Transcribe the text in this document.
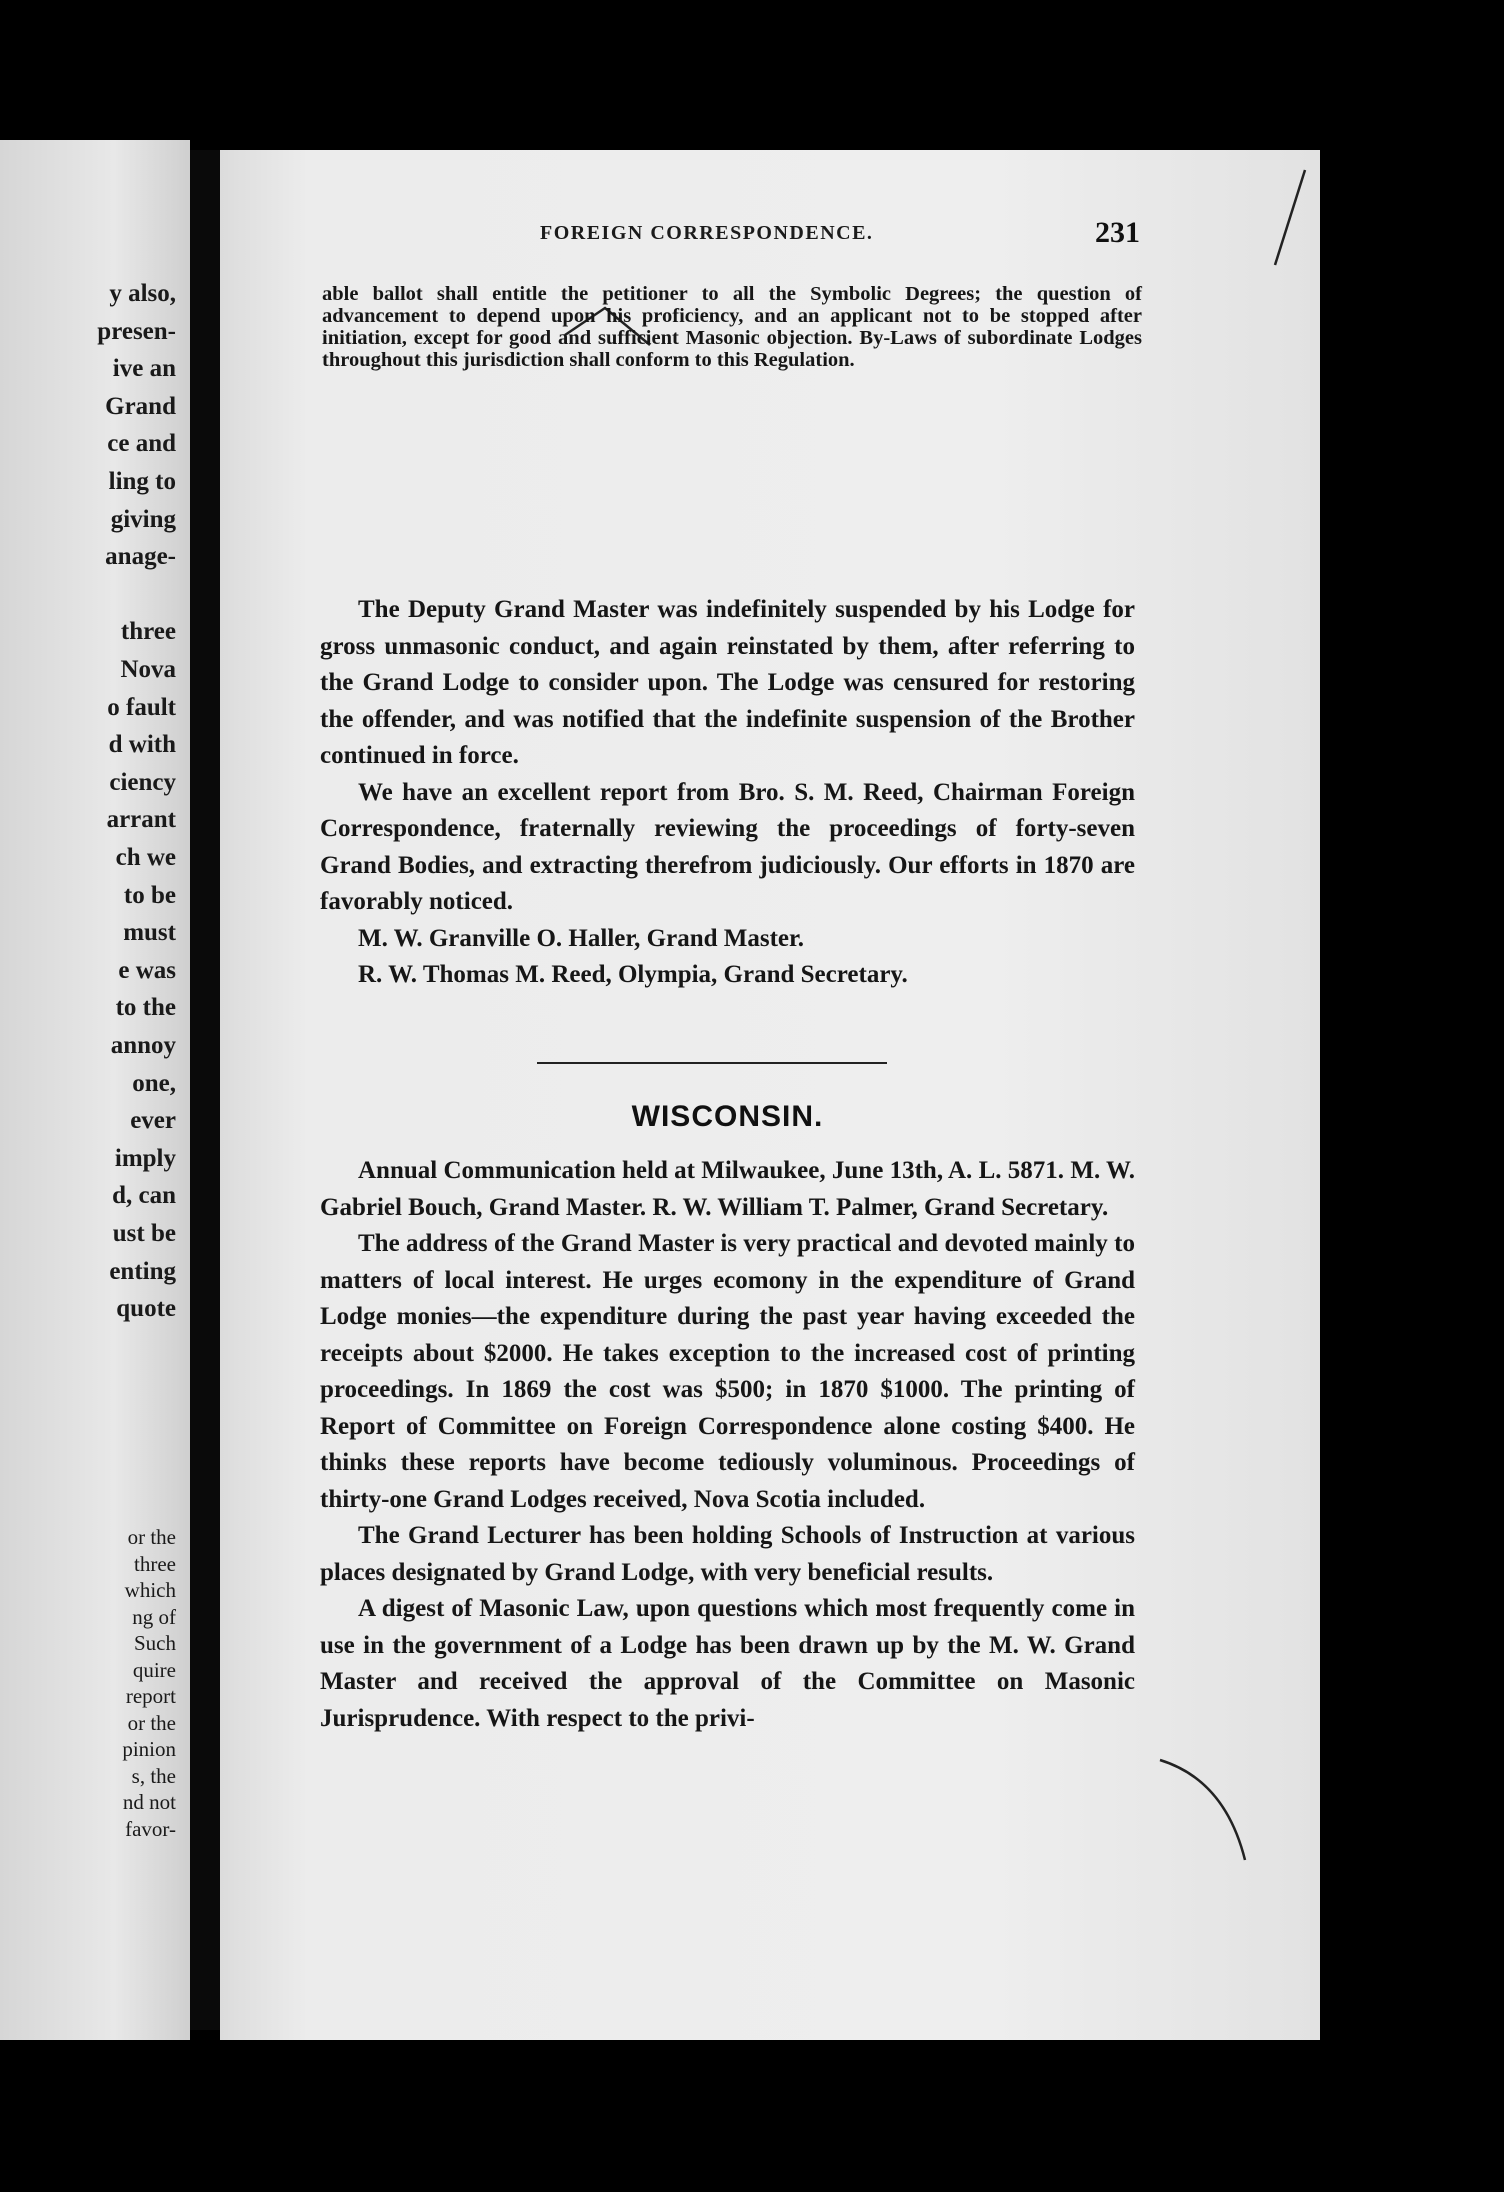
y also,
presen-
ive an
Grand
ce and
ling to
giving
anage-
three
Nova
o fault
d with
ciency
arrant
ch we
to be
must
e was
to the
annoy
one,
ever
imply
d, can
ust be
enting
quote
or the
three
which
ng of
Such
quire
report
or the
pinion
s, the
nd not
favor-
FOREIGN CORRESPONDENCE.	231
able ballot shall entitle the petitioner to all the Symbolic Degrees; the question of advancement to depend upon his proficiency, and an applicant not to be stopped after initiation, except for good and sufficient Masonic objection. By-Laws of subordinate Lodges throughout this jurisdiction shall conform to this Regulation.

The Deputy Grand Master was indefinitely suspended by his Lodge for gross unmasonic conduct, and again reinstated by them, after referring to the Grand Lodge to consider upon. The Lodge was censured for restoring the offender, and was notified that the indefinite suspension of the Brother continued in force.

We have an excellent report from Bro. S. M. Reed, Chairman Foreign Correspondence, fraternally reviewing the proceedings of forty-seven Grand Bodies, and extracting therefrom judiciously. Our efforts in 1870 are favorably noticed.

M. W. Granville O. Haller, Grand Master.

R. W. Thomas M. Reed, Olympia, Grand Secretary.

WISCONSIN.

Annual Communication held at Milwaukee, June 13th, A. L. 5871. M. W. Gabriel Bouch, Grand Master. R. W. William T. Palmer, Grand Secretary.

The address of the Grand Master is very practical and devoted mainly to matters of local interest. He urges ecomony in the expenditure of Grand Lodge monies—the expenditure during the past year having exceeded the receipts about $2000. He takes exception to the increased cost of printing proceedings. In 1869 the cost was $500; in 1870 $1000. The printing of Report of Committee on Foreign Correspondence alone costing $400. He thinks these reports have become tediously voluminous. Proceedings of thirty-one Grand Lodges received, Nova Scotia included.

The Grand Lecturer has been holding Schools of Instruction at various places designated by Grand Lodge, with very beneficial results.

A digest of Masonic Law, upon questions which most frequently come in use in the government of a Lodge has been drawn up by the M. W. Grand Master and received the approval of the Committee on Masonic Jurisprudence. With respect to the privi-
